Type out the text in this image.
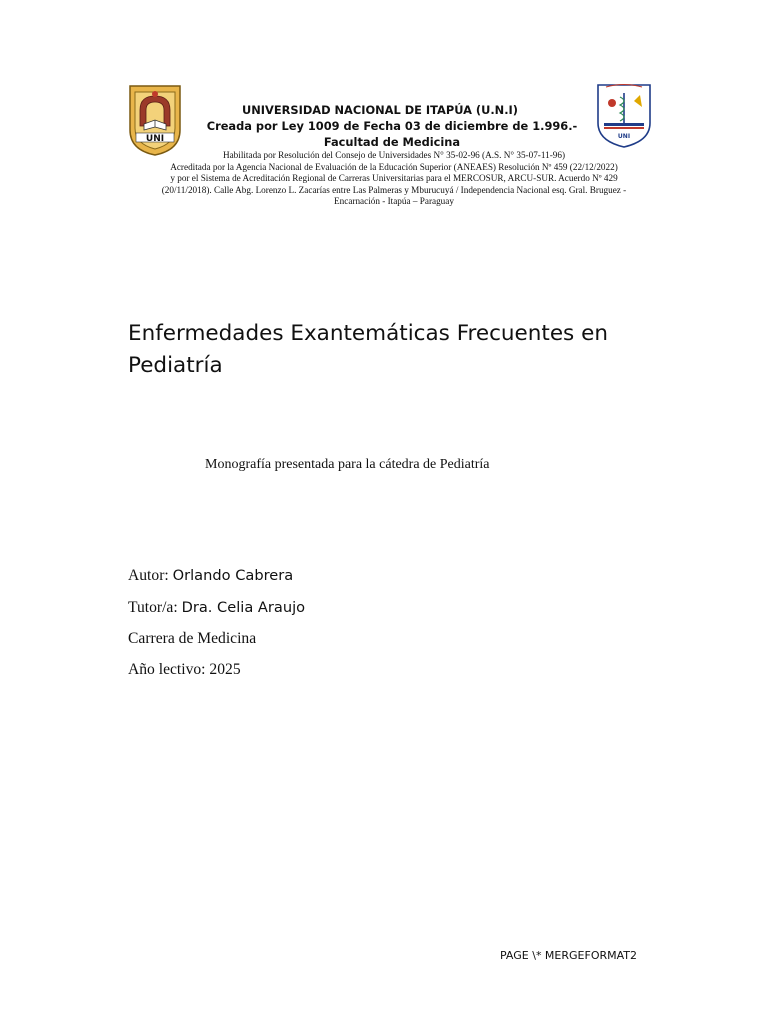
UNI	UNI
UNIVERSIDAD NACIONAL DE ITAPÚA (U.N.I)
Creada por Ley 1009 de Fecha 03 de diciembre de 1.996.-
Facultad de Medicina
Habilitada por Resolución del Consejo de Universidades N° 35-02-96 (A.S. N° 35-07-11-96)
Acreditada por la Agencia Nacional de Evaluación de la Educación Superior (ANEAES) Resolución Nº 459 (22/12/2022)
y por el Sistema de Acreditación Regional de Carreras Universitarias para el MERCOSUR, ARCU-SUR. Acuerdo Nº 429
(20/11/2018). Calle Abg. Lorenzo L. Zacarías entre Las Palmeras y Mburucuyá / Independencia Nacional esq. Gral. Bruguez -
Encarnación - Itapúa – Paraguay
Enfermedades Exantemáticas Frecuentes en Pediatría
Monografía presentada para la cátedra de Pediatría
Autor: Orlando Cabrera
Tutor/a: Dra. Celia Araujo
Carrera de Medicina
Año lectivo: 2025
PAGE \* MERGEFORMAT2
